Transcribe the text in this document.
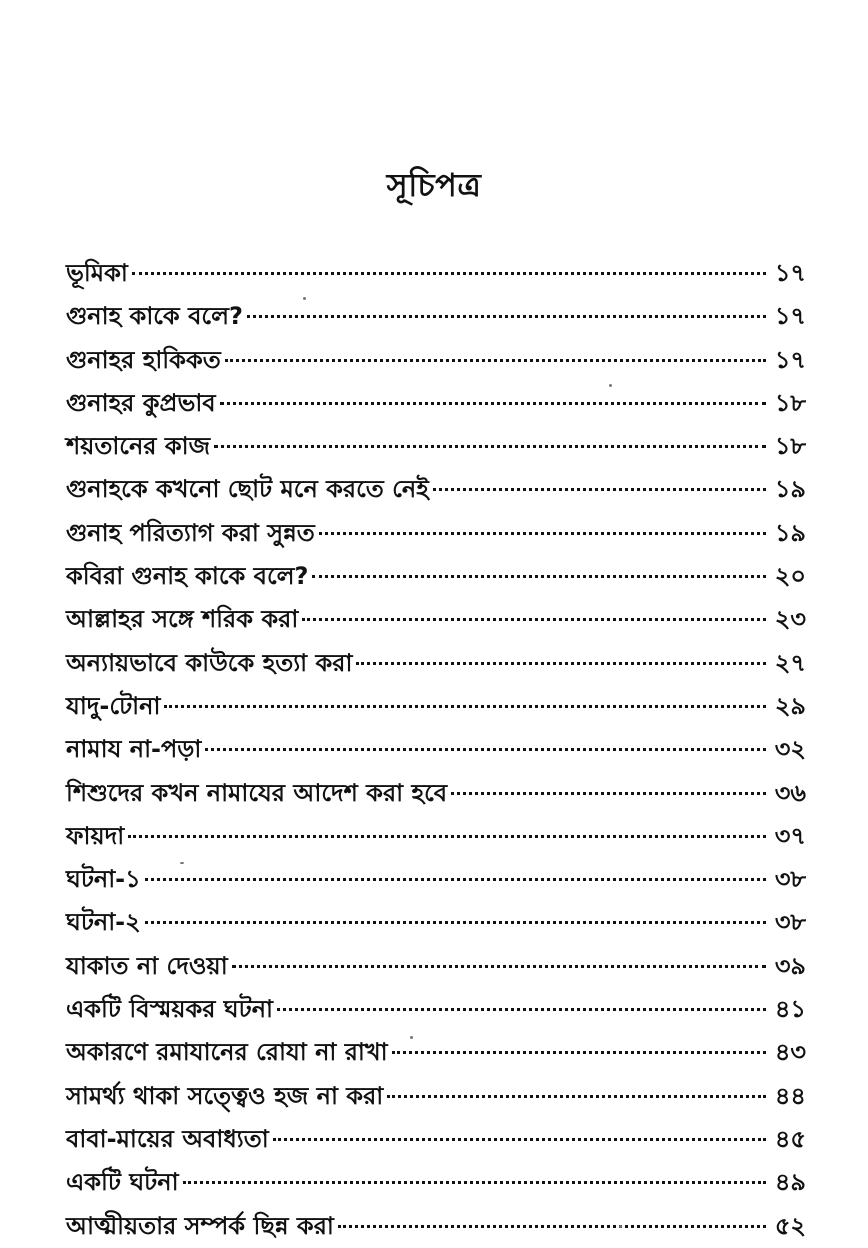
সূচিপত্র
ভূমিকা	১৭
গুনাহ কাকে বলে?	১৭
গুনাহর হাকিকত	১৭
গুনাহর কুপ্রভাব	১৮
শয়তানের কাজ	১৮
গুনাহকে কখনো ছোট মনে করতে নেই	১৯
গুনাহ পরিত্যাগ করা সুন্নত	১৯
কবিরা গুনাহ কাকে বলে?	২০
আল্লাহর সঙ্গে শরিক করা	২৩
অন্যায়ভাবে কাউকে হত্যা করা	২৭
যাদু-টোনা	২৯
নামায না-পড়া	৩২
শিশুদের কখন নামাযের আদেশ করা হবে	৩৬
ফায়দা	৩৭
ঘটনা-১	৩৮
ঘটনা-২	৩৮
যাকাত না দেওয়া	৩৯
একটি বিস্ময়কর ঘটনা	৪১
অকারণে রমাযানের রোযা না রাখা	৪৩
সামর্থ্য থাকা সত্ত্বেও হজ না করা	৪৪
বাবা-মায়ের অবাধ্যতা	৪৫
একটি ঘটনা	৪৯
আত্মীয়তার সম্পর্ক ছিন্ন করা	৫২
